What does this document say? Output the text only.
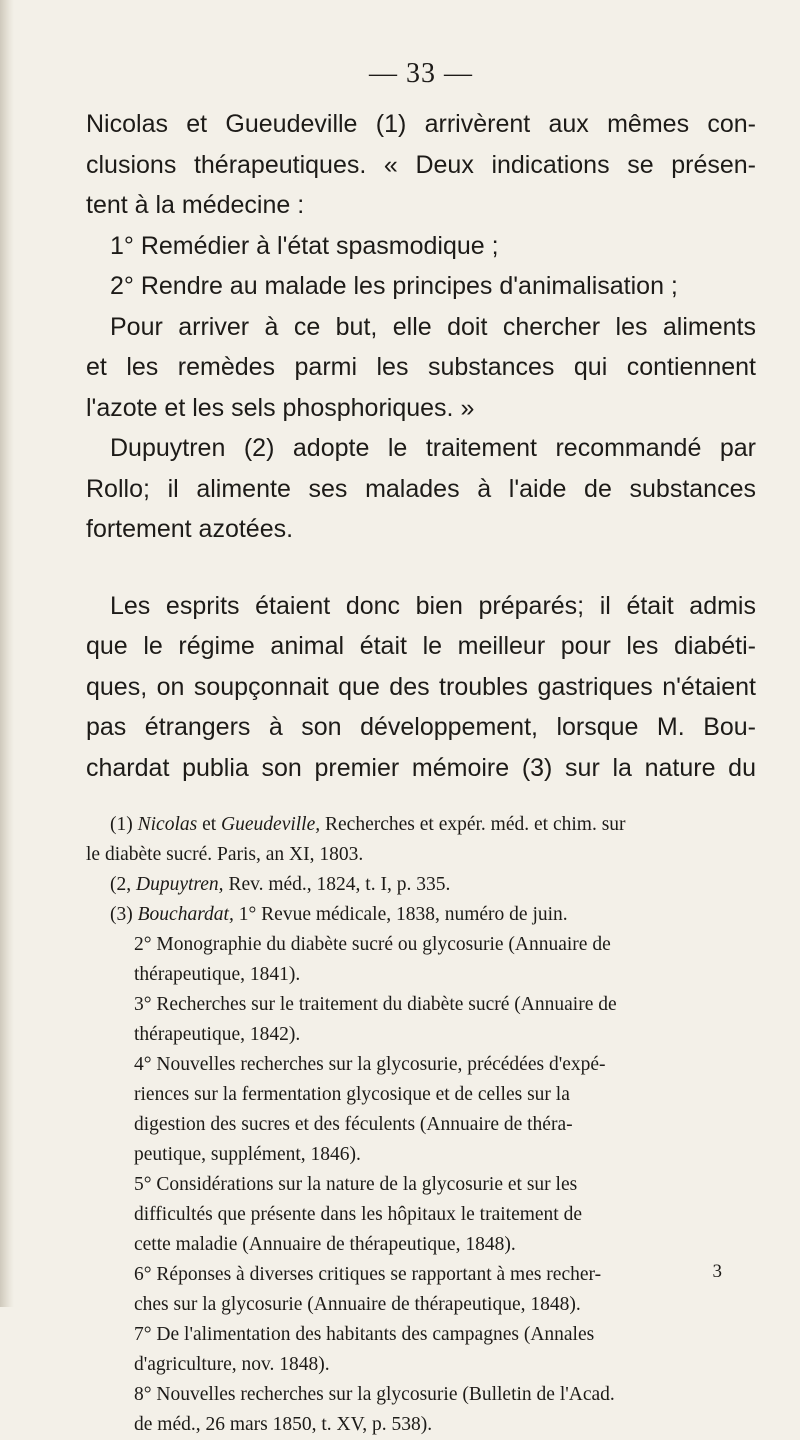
— 33 —
Nicolas et Gueudeville (1) arrivèrent aux mêmes con-
clusions thérapeutiques. « Deux indications se présen-
tent à la médecine :
1° Remédier à l'état spasmodique ;
2° Rendre au malade les principes d'animalisation ;
Pour arriver à ce but, elle doit chercher les aliments
et les remèdes parmi les substances qui contiennent
l'azote et les sels phosphoriques. »
Dupuytren (2) adopte le traitement recommandé par
Rollo; il alimente ses malades à l'aide de substances
fortement azotées.
Les esprits étaient donc bien préparés; il était admis
que le régime animal était le meilleur pour les diabéti-
ques, on soupçonnait que des troubles gastriques n'étaient
pas étrangers à son développement, lorsque M. Bou-
chardat publia son premier mémoire (3) sur la nature du
(1) Nicolas et Gueudeville, Recherches et expér. méd. et chim. sur
le diabète sucré. Paris, an XI, 1803.
(2, Dupuytren, Rev. méd., 1824, t. I, p. 335.
(3) Bouchardat, 1° Revue médicale, 1838, numéro de juin.
2° Monographie du diabète sucré ou glycosurie (Annuaire de
thérapeutique, 1841).
3° Recherches sur le traitement du diabète sucré (Annuaire de
thérapeutique, 1842).
4° Nouvelles recherches sur la glycosurie, précédées d'expé-
riences sur la fermentation glycosique et de celles sur la
digestion des sucres et des féculents (Annuaire de théra-
peutique, supplément, 1846).
5° Considérations sur la nature de la glycosurie et sur les
difficultés que présente dans les hôpitaux le traitement de
cette maladie (Annuaire de thérapeutique, 1848).
6° Réponses à diverses critiques se rapportant à mes recher-
ches sur la glycosurie (Annuaire de thérapeutique, 1848).
7° De l'alimentation des habitants des campagnes (Annales
d'agriculture, nov. 1848).
8° Nouvelles recherches sur la glycosurie (Bulletin de l'Acad.
de méd., 26 mars 1850, t. XV, p. 538).
3
